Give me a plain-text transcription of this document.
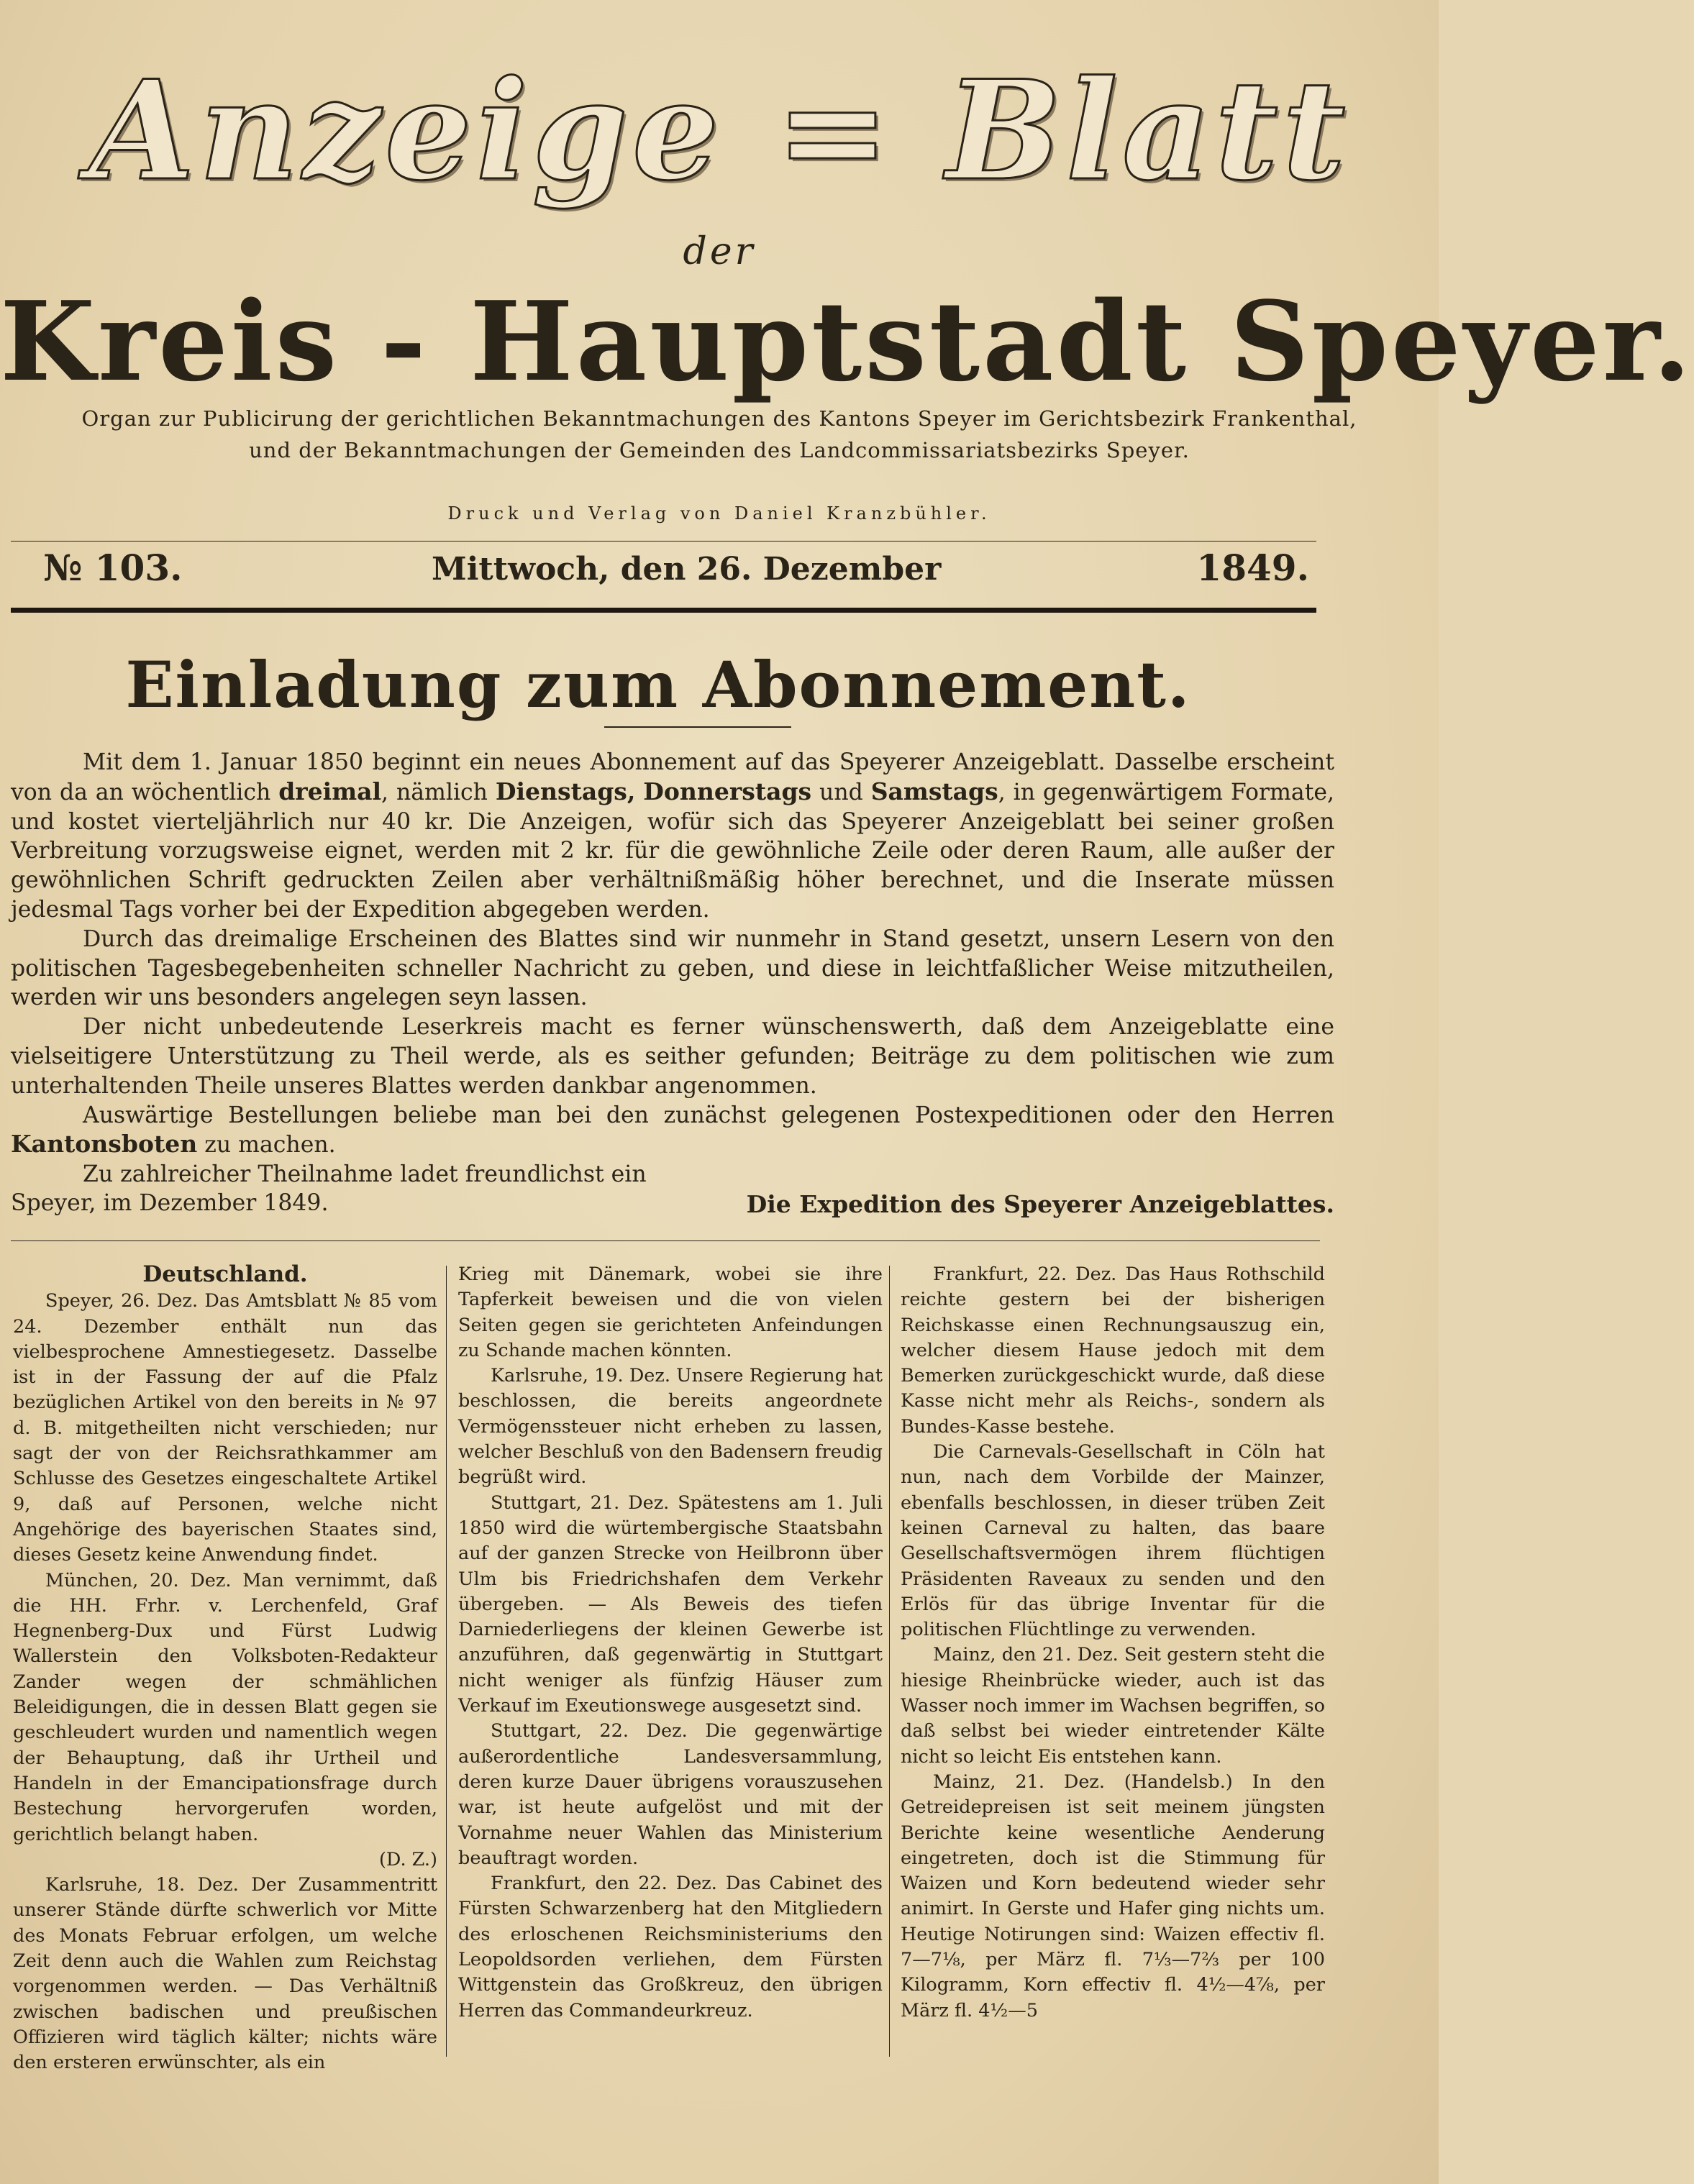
Anzeige = Blatt
der
Kreis - Hauptstadt Speyer.
Organ zur Publicirung der gerichtlichen Bekanntmachungen des Kantons Speyer im Gerichtsbezirk Frankenthal,
und der Bekanntmachungen der Gemeinden des Landcommissariatsbezirks Speyer.
Druck und Verlag von Daniel Kranzbühler.
№ 103.	Mittwoch, den 26. Dezember	1849.
Einladung zum Abonnement.

Mit dem 1. Januar 1850 beginnt ein neues Abonnement auf das Speyerer Anzeigeblatt. Dasselbe erscheint von da an wöchentlich dreimal, nämlich Dienstags, Donnerstags und Samstags, in gegenwärtigem Formate, und kostet vierteljährlich nur 40 kr. Die Anzeigen, wofür sich das Speyerer Anzeigeblatt bei seiner großen Verbreitung vorzugsweise eignet, werden mit 2 kr. für die gewöhnliche Zeile oder deren Raum, alle außer der gewöhnlichen Schrift gedruckten Zeilen aber verhältnißmäßig höher berechnet, und die Inserate müssen jedesmal Tags vorher bei der Expedition abgegeben werden.

Durch das dreimalige Erscheinen des Blattes sind wir nunmehr in Stand gesetzt, unsern Lesern von den politischen Tagesbegebenheiten schneller Nachricht zu geben, und diese in leichtfaßlicher Weise mitzutheilen, werden wir uns besonders angelegen seyn lassen.

Der nicht unbedeutende Leserkreis macht es ferner wünschenswerth, daß dem Anzeigeblatte eine vielseitigere Unterstützung zu Theil werde, als es seither gefunden; Beiträge zu dem politischen wie zum unterhaltenden Theile unseres Blattes werden dankbar angenommen.

Auswärtige Bestellungen beliebe man bei den zunächst gelegenen Postexpeditionen oder den Herren Kantonsboten zu machen.

Zu zahlreicher Theilnahme ladet freundlichst ein

Speyer, im Dezember 1849.	Die Expedition des Speyerer Anzeigeblattes.

Deutschland.

Speyer, 26. Dez. Das Amtsblatt № 85 vom 24. Dezember enthält nun das vielbesprochene Amnestiegesetz. Dasselbe ist in der Fassung der auf die Pfalz bezüglichen Artikel von den bereits in № 97 d. B. mitgetheilten nicht verschieden; nur sagt der von der Reichsrathkammer am Schlusse des Gesetzes eingeschaltete Artikel 9, daß auf Personen, welche nicht Angehörige des bayerischen Staates sind, dieses Gesetz keine Anwendung findet.

München, 20. Dez. Man vernimmt, daß die HH. Frhr. v. Lerchenfeld, Graf Hegnenberg-Dux und Fürst Ludwig Wallerstein den Volksboten-Redakteur Zander wegen der schmählichen Beleidigungen, die in dessen Blatt gegen sie geschleudert wurden und namentlich wegen der Behauptung, daß ihr Urtheil und Handeln in der Emancipationsfrage durch Bestechung hervorgerufen worden, gerichtlich belangt haben.

(D. Z.)

Karlsruhe, 18. Dez. Der Zusammentritt unserer Stände dürfte schwerlich vor Mitte des Monats Februar erfolgen, um welche Zeit denn auch die Wahlen zum Reichstag vorgenommen werden. — Das Verhältniß zwischen badischen und preußischen Offizieren wird täglich kälter; nichts wäre den ersteren erwünschter, als ein

Krieg mit Dänemark, wobei sie ihre Tapferkeit beweisen und die von vielen Seiten gegen sie gerichteten Anfeindungen zu Schande machen könnten.

Karlsruhe, 19. Dez. Unsere Regierung hat beschlossen, die bereits angeordnete Vermögenssteuer nicht erheben zu lassen, welcher Beschluß von den Badensern freudig begrüßt wird.

Stuttgart, 21. Dez. Spätestens am 1. Juli 1850 wird die würtembergische Staatsbahn auf der ganzen Strecke von Heilbronn über Ulm bis Friedrichshafen dem Verkehr übergeben. — Als Beweis des tiefen Darniederliegens der kleinen Gewerbe ist anzuführen, daß gegenwärtig in Stuttgart nicht weniger als fünfzig Häuser zum Verkauf im Exeutionswege ausgesetzt sind.

Stuttgart, 22. Dez. Die gegenwärtige außerordentliche Landesversammlung, deren kurze Dauer übrigens vorauszusehen war, ist heute aufgelöst und mit der Vornahme neuer Wahlen das Ministerium beauftragt worden.

Frankfurt, den 22. Dez. Das Cabinet des Fürsten Schwarzenberg hat den Mitgliedern des erloschenen Reichsministeriums den Leopoldsorden verliehen, dem Fürsten Wittgenstein das Großkreuz, den übrigen Herren das Commandeurkreuz.

Frankfurt, 22. Dez. Das Haus Rothschild reichte gestern bei der bisherigen Reichskasse einen Rechnungsauszug ein, welcher diesem Hause jedoch mit dem Bemerken zurückgeschickt wurde, daß diese Kasse nicht mehr als Reichs-, sondern als Bundes-Kasse bestehe.

Die Carnevals-Gesellschaft in Cöln hat nun, nach dem Vorbilde der Mainzer, ebenfalls beschlossen, in dieser trüben Zeit keinen Carneval zu halten, das baare Gesellschaftsvermögen ihrem flüchtigen Präsidenten Raveaux zu senden und den Erlös für das übrige Inventar für die politischen Flüchtlinge zu verwenden.

Mainz, den 21. Dez. Seit gestern steht die hiesige Rheinbrücke wieder, auch ist das Wasser noch immer im Wachsen begriffen, so daß selbst bei wieder eintretender Kälte nicht so leicht Eis entstehen kann.

Mainz, 21. Dez. (Handelsb.) In den Getreidepreisen ist seit meinem jüngsten Berichte keine wesentliche Aenderung eingetreten, doch ist die Stimmung für Waizen und Korn bedeutend wieder sehr animirt. In Gerste und Hafer ging nichts um. Heutige Notirungen sind: Waizen effectiv fl. 7—7⅛, per März fl. 7⅓—7⅔ per 100 Kilogramm, Korn effectiv fl. 4½—4⅞, per März fl. 4½—5
